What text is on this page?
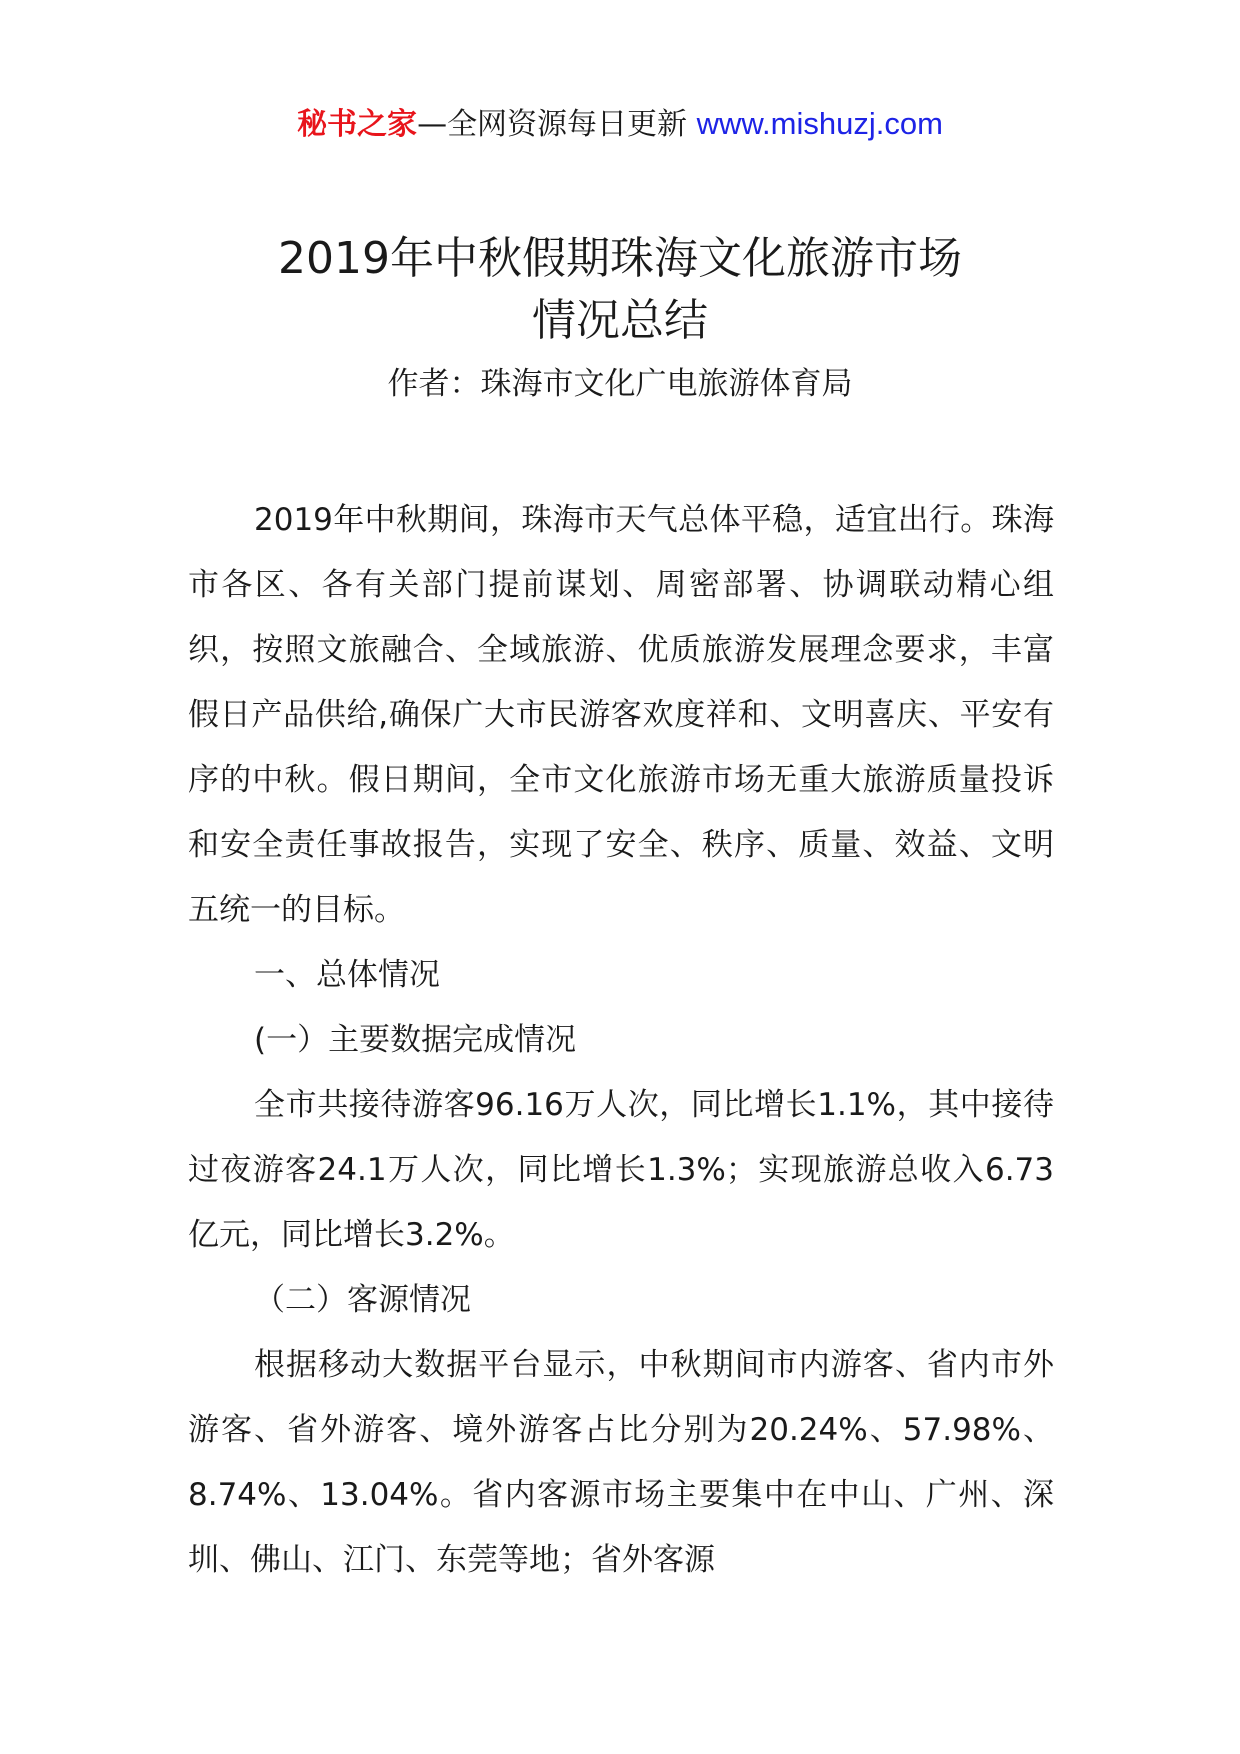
秘书之家—全网资源每日更新 www.mishuzj.com
2019年中秋假期珠海文化旅游市场
情况总结
作者：珠海市文化广电旅游体育局

2019年中秋期间，珠海市天气总体平稳，适宜出行。珠海市各区、各有关部门提前谋划、周密部署、协调联动精心组织，按照文旅融合、全域旅游、优质旅游发展理念要求，丰富假日产品供给,确保广大市民游客欢度祥和、文明喜庆、平安有序的中秋。假日期间，全市文化旅游市场无重大旅游质量投诉和安全责任事故报告，实现了安全、秩序、质量、效益、文明五统一的目标。

一、总体情况

(一）主要数据完成情况

全市共接待游客96.16万人次，同比增长1.1%，其中接待过夜游客24.1万人次，同比增长1.3%；实现旅游总收入6.73亿元，同比增长3.2%。

（二）客源情况

根据移动大数据平台显示，中秋期间市内游客、省内市外游客、省外游客、境外游客占比分别为20.24%、57.98%、8.74%、13.04%。省内客源市场主要集中在中山、广州、深圳、佛山、江门、东莞等地；省外客源
